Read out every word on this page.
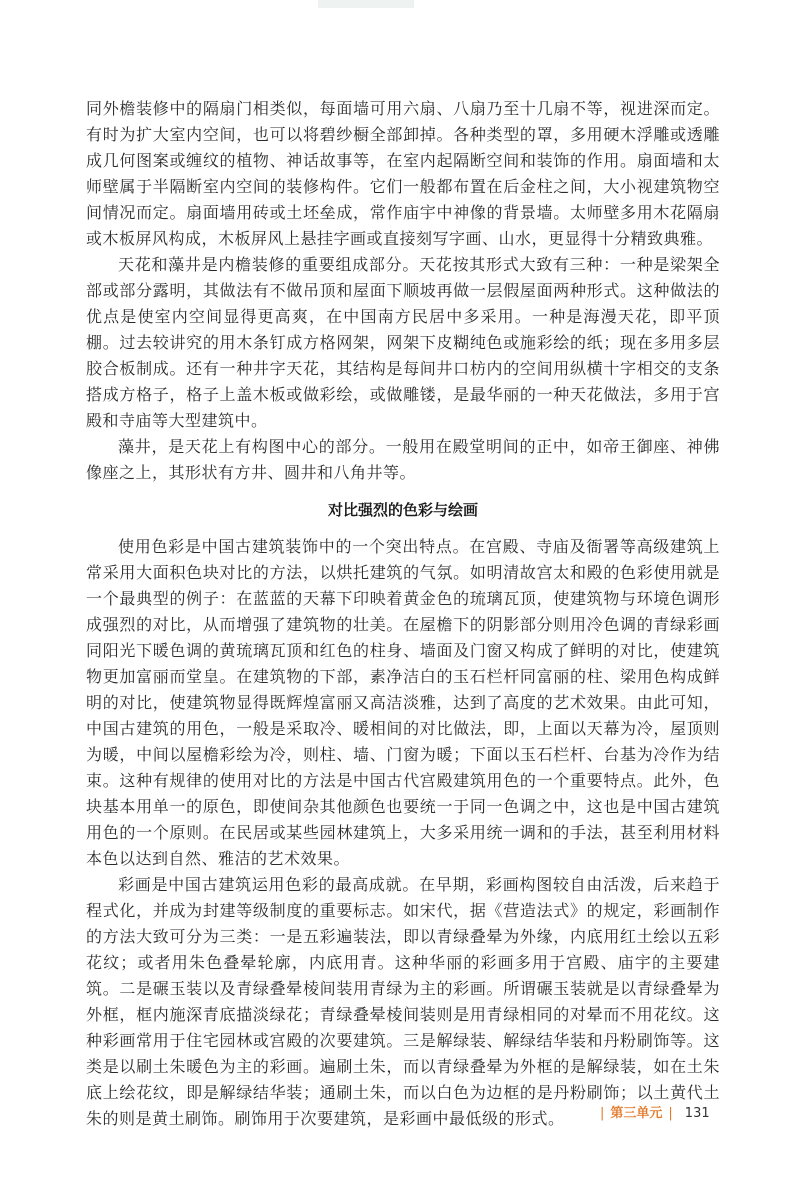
同外檐装修中的隔扇门相类似，每面墙可用六扇、八扇乃至十几扇不等，视进深而定。有时为扩大室内空间，也可以将碧纱橱全部卸掉。各种类型的罩，多用硬木浮雕或透雕成几何图案或缠纹的植物、神话故事等，在室内起隔断空间和装饰的作用。扇面墙和太师壁属于半隔断室内空间的装修构件。它们一般都布置在后金柱之间，大小视建筑物空间情况而定。扇面墙用砖或土坯垒成，常作庙宇中神像的背景墙。太师壁多用木花隔扇或木板屏风构成，木板屏风上悬挂字画或直接刻写字画、山水，更显得十分精致典雅。

天花和藻井是内檐装修的重要组成部分。天花按其形式大致有三种：一种是梁架全部或部分露明，其做法有不做吊顶和屋面下顺坡再做一层假屋面两种形式。这种做法的优点是使室内空间显得更高爽，在中国南方民居中多采用。一种是海漫天花，即平顶棚。过去较讲究的用木条钉成方格网架，网架下皮糊纯色或施彩绘的纸；现在多用多层胶合板制成。还有一种井字天花，其结构是每间井口枋内的空间用纵横十字相交的支条搭成方格子，格子上盖木板或做彩绘，或做雕镂，是最华丽的一种天花做法，多用于宫殿和寺庙等大型建筑中。

藻井，是天花上有构图中心的部分。一般用在殿堂明间的正中，如帝王御座、神佛像座之上，其形状有方井、圆井和八角井等。

对比强烈的色彩与绘画

使用色彩是中国古建筑装饰中的一个突出特点。在宫殿、寺庙及衙署等高级建筑上常采用大面积色块对比的方法，以烘托建筑的气氛。如明清故宫太和殿的色彩使用就是一个最典型的例子：在蓝蓝的天幕下印映着黄金色的琉璃瓦顶，使建筑物与环境色调形成强烈的对比，从而增强了建筑物的壮美。在屋檐下的阴影部分则用冷色调的青绿彩画同阳光下暖色调的黄琉璃瓦顶和红色的柱身、墙面及门窗又构成了鲜明的对比，使建筑物更加富丽而堂皇。在建筑物的下部，素净洁白的玉石栏杆同富丽的柱、梁用色构成鲜明的对比，使建筑物显得既辉煌富丽又高洁淡雅，达到了高度的艺术效果。由此可知，中国古建筑的用色，一般是采取冷、暖相间的对比做法，即，上面以天幕为冷，屋顶则为暖，中间以屋檐彩绘为冷，则柱、墙、门窗为暖；下面以玉石栏杆、台基为冷作为结束。这种有规律的使用对比的方法是中国古代宫殿建筑用色的一个重要特点。此外，色块基本用单一的原色，即使间杂其他颜色也要统一于同一色调之中，这也是中国古建筑用色的一个原则。在民居或某些园林建筑上，大多采用统一调和的手法，甚至利用材料本色以达到自然、雅洁的艺术效果。

彩画是中国古建筑运用色彩的最高成就。在早期，彩画构图较自由活泼，后来趋于程式化，并成为封建等级制度的重要标志。如宋代，据《营造法式》的规定，彩画制作的方法大致可分为三类：一是五彩遍装法，即以青绿叠晕为外缘，内底用红土绘以五彩花纹；或者用朱色叠晕轮廓，内底用青。这种华丽的彩画多用于宫殿、庙宇的主要建筑。二是碾玉装以及青绿叠晕棱间装用青绿为主的彩画。所谓碾玉装就是以青绿叠晕为外框，框内施深青底描淡绿花；青绿叠晕棱间装则是用青绿相同的对晕而不用花纹。这种彩画常用于住宅园林或宫殿的次要建筑。三是解绿装、解绿结华装和丹粉刷饰等。这类是以刷土朱暖色为主的彩画。遍刷土朱，而以青绿叠晕为外框的是解绿装，如在土朱底上绘花纹，即是解绿结华装；通刷土朱，而以白色为边框的是丹粉刷饰；以土黄代土朱的则是黄土刷饰。刷饰用于次要建筑，是彩画中最低级的形式。	| 第三单元 | 131
